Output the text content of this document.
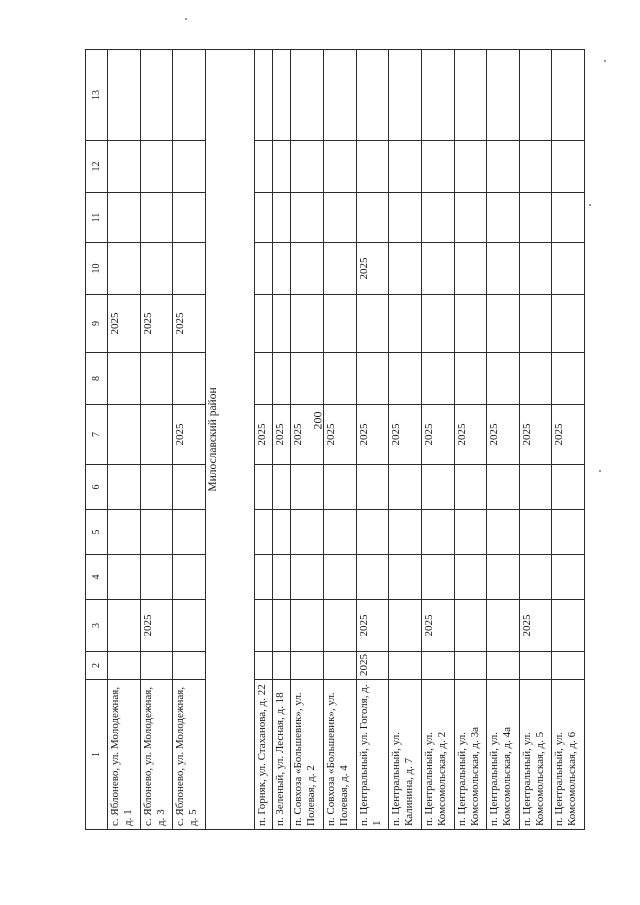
200
1	2	3	4	5	6	7	8	9	10	11	12	13
с. Яблонево, ул. Молодежная, д. 1								2025				
с. Яблонево, ул. Молодежная, д. 3		2025						2025				
с. Яблонево, ул. Молодежная, д. 5						2025		2025				
Милославский район												
п. Горняк, ул. Стаханова, д. 22						2025						
п. Зеленый, ул. Лесная, д. 18						2025						
п. Совхоза «Большевик», ул. Полевая, д. 2						2025						
п. Совхоза «Большевик», ул. Полевая, д. 4						2025						
п. Центральный, ул. Гоголя, д. 1	2025	2025				2025			2025			
п. Центральный, ул. Калинина, д. 7						2025						
п. Центральный, ул. Комсомольская, д. 2		2025				2025						
п. Центральный, ул. Комсомольская, д. 3а						2025						
п. Центральный, ул. Комсомольская, д. 4а						2025						
п. Центральный, ул. Комсомольская, д. 5		2025				2025						
п. Центральный, ул. Комсомольская, д. 6						2025						
